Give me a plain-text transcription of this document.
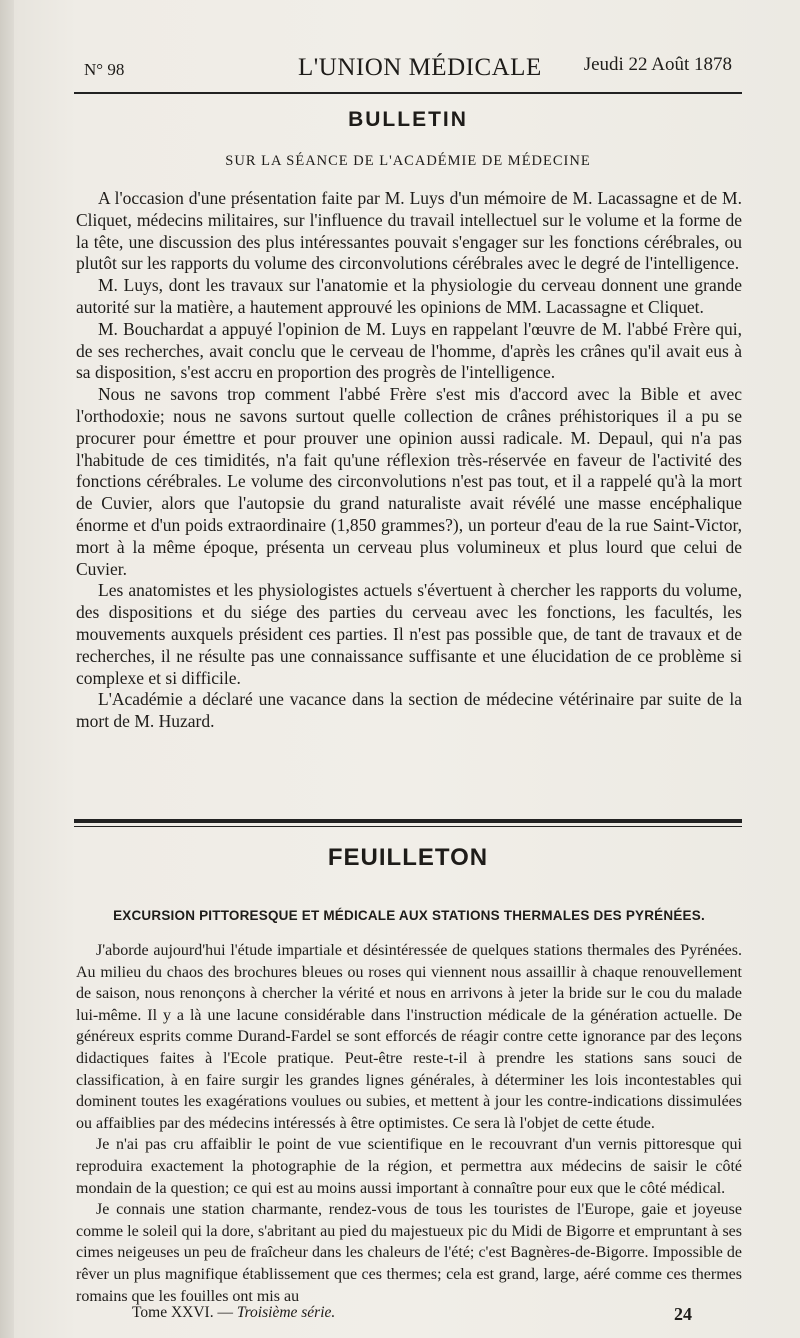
N° 98	L'UNION MÉDICALE Jeudi 22 Août 1878
BULLETIN
SUR LA SÉANCE DE L'ACADÉMIE DE MÉDECINE

A l'occasion d'une présentation faite par M. Luys d'un mémoire de M. Lacassagne et de M. Cliquet, médecins militaires, sur l'influence du travail intellectuel sur le volume et la forme de la tête, une discussion des plus intéressantes pouvait s'engager sur les fonctions cérébrales, ou plutôt sur les rapports du volume des circonvolutions cérébrales avec le degré de l'intelligence.

M. Luys, dont les travaux sur l'anatomie et la physiologie du cerveau donnent une grande autorité sur la matière, a hautement approuvé les opinions de MM. Lacassagne et Cliquet.

M. Bouchardat a appuyé l'opinion de M. Luys en rappelant l'œuvre de M. l'abbé Frère qui, de ses recherches, avait conclu que le cerveau de l'homme, d'après les crânes qu'il avait eus à sa disposition, s'est accru en proportion des progrès de l'intelligence.

Nous ne savons trop comment l'abbé Frère s'est mis d'accord avec la Bible et avec l'orthodoxie; nous ne savons surtout quelle collection de crânes préhistoriques il a pu se procurer pour émettre et pour prouver une opinion aussi radicale. M. Depaul, qui n'a pas l'habitude de ces timidités, n'a fait qu'une réflexion très-réservée en faveur de l'activité des fonctions cérébrales. Le volume des circonvolutions n'est pas tout, et il a rappelé qu'à la mort de Cuvier, alors que l'autopsie du grand naturaliste avait révélé une masse encéphalique énorme et d'un poids extraordinaire (1,850 grammes?), un porteur d'eau de la rue Saint-Victor, mort à la même époque, présenta un cerveau plus volumineux et plus lourd que celui de Cuvier.

Les anatomistes et les physiologistes actuels s'évertuent à chercher les rapports du volume, des dispositions et du siége des parties du cerveau avec les fonctions, les facultés, les mouvements auxquels président ces parties. Il n'est pas possible que, de tant de travaux et de recherches, il ne résulte pas une connaissance suffisante et une élucidation de ce problème si complexe et si difficile.

L'Académie a déclaré une vacance dans la section de médecine vétérinaire par suite de la mort de M. Huzard.

FEUILLETON
EXCURSION PITTORESQUE ET MÉDICALE AUX STATIONS THERMALES DES PYRÉNÉES.

J'aborde aujourd'hui l'étude impartiale et désintéressée de quelques stations thermales des Pyrénées. Au milieu du chaos des brochures bleues ou roses qui viennent nous assaillir à chaque renouvellement de saison, nous renonçons à chercher la vérité et nous en arrivons à jeter la bride sur le cou du malade lui-même. Il y a là une lacune considérable dans l'instruction médicale de la génération actuelle. De généreux esprits comme Durand-Fardel se sont efforcés de réagir contre cette ignorance par des leçons didactiques faites à l'Ecole pratique. Peut-être reste-t-il à prendre les stations sans souci de classification, à en faire surgir les grandes lignes générales, à déterminer les lois incontestables qui dominent toutes les exagérations voulues ou subies, et mettent à jour les contre-indications dissimulées ou affaiblies par des médecins intéressés à être optimistes. Ce sera là l'objet de cette étude.

Je n'ai pas cru affaiblir le point de vue scientifique en le recouvrant d'un vernis pittoresque qui reproduira exactement la photographie de la région, et permettra aux médecins de saisir le côté mondain de la question; ce qui est au moins aussi important à connaître pour eux que le côté médical.

Je connais une station charmante, rendez-vous de tous les touristes de l'Europe, gaie et joyeuse comme le soleil qui la dore, s'abritant au pied du majestueux pic du Midi de Bigorre et empruntant à ses cimes neigeuses un peu de fraîcheur dans les chaleurs de l'été; c'est Bagnères-de-Bigorre. Impossible de rêver un plus magnifique établissement que ces thermes; cela est grand, large, aéré comme ces thermes romains que les fouilles ont mis au

Tome XXVI. — Troisième série.	24
